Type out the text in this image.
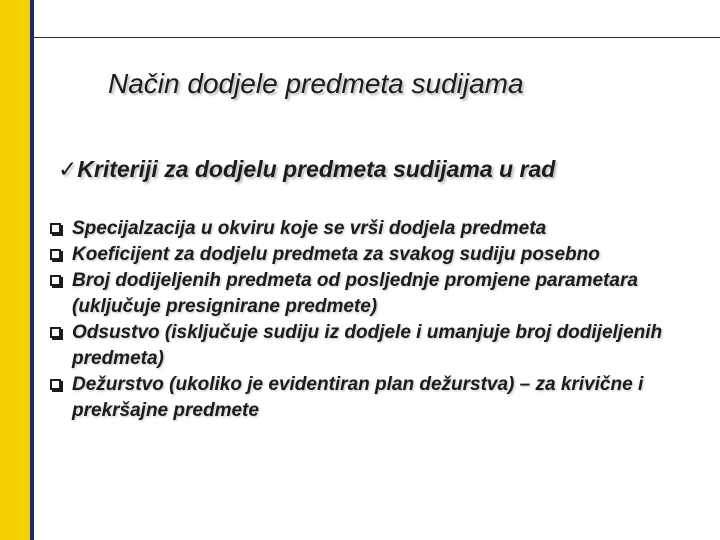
Način dodjele predmeta sudijama
✓Kriteriji za dodjelu predmeta sudijama u rad
Specijalzacija u okviru koje se vrši dodjela predmeta
Koeficijent za dodjelu predmeta za svakog sudiju posebno
Broj dodijeljenih predmeta od posljednje promjene parametara (uključuje presignirane predmete)
Odsustvo (isključuje sudiju iz dodjele i umanjuje broj dodijeljenih predmeta)
Dežurstvo (ukoliko je evidentiran plan dežurstva) – za krivične i prekršajne predmete
